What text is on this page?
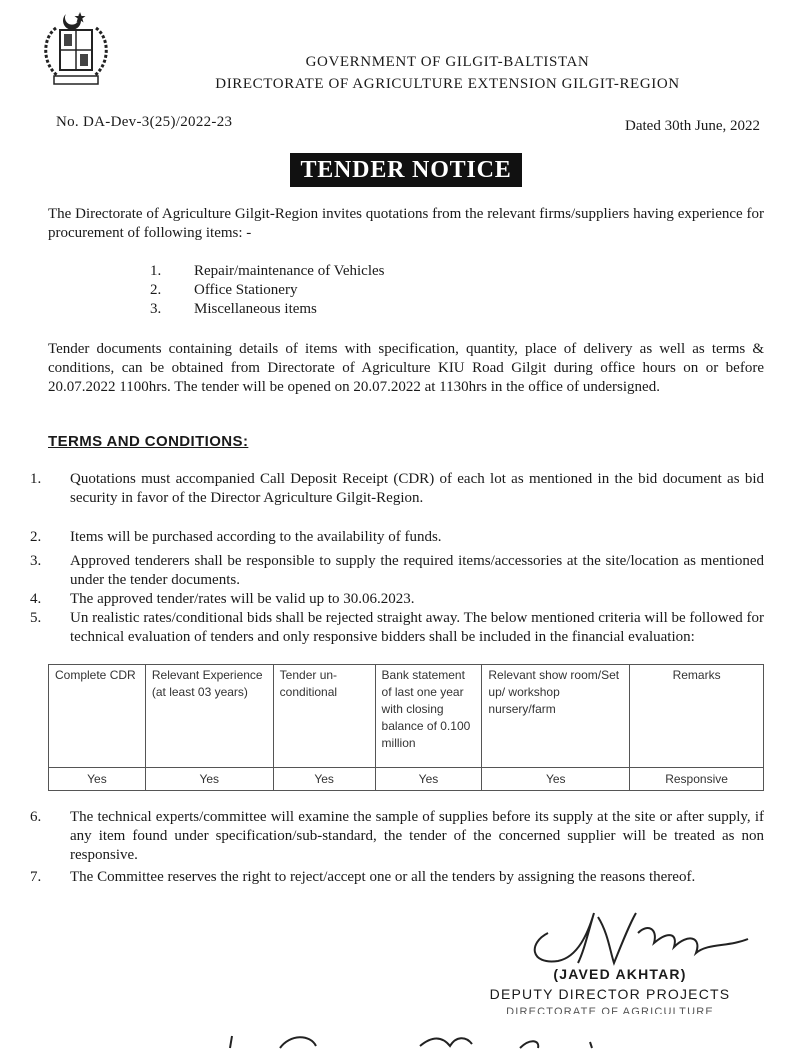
GOVERNMENT OF GILGIT-BALTISTAN
DIRECTORATE OF AGRICULTURE EXTENSION GILGIT-REGION
No. DA-Dev-3(25)/2022-23	Dated 30th June, 2022
TENDER NOTICE
The Directorate of Agriculture Gilgit-Region invites quotations from the relevant firms/suppliers having experience for procurement of following items: -
1.	Repair/maintenance of Vehicles
2.	Office Stationery
3.	Miscellaneous items
Tender documents containing details of items with specification, quantity, place of delivery as well as terms & conditions, can be obtained from Directorate of Agriculture KIU Road Gilgit during office hours on or before 20.07.2022 1100hrs. The tender will be opened on 20.07.2022 at 1130hrs in the office of undersigned.
TERMS AND CONDITIONS:
1.	Quotations must accompanied Call Deposit Receipt (CDR) of each lot as mentioned in the bid document as bid security in favor of the Director Agriculture Gilgit-Region.
2.	Items will be purchased according to the availability of funds.
3.	Approved tenderers shall be responsible to supply the required items/accessories at the site/location as mentioned under the tender documents.
4.	The approved tender/rates will be valid up to 30.06.2023.
5.	Un realistic rates/conditional bids shall be rejected straight away. The below mentioned criteria will be followed for technical evaluation of tenders and only responsive bidders shall be included in the financial evaluation:
Complete CDR	Relevant Experience (at least 03 years)	Tender un-conditional	Bank statement of last one year with closing balance of 0.100 million	Relevant show room/Set up/ workshop nursery/farm	Remarks
Yes	Yes	Yes	Yes	Yes	Responsive
6.	The technical experts/committee will examine the sample of supplies before its supply at the site or after supply, if any item found under specification/sub-standard, the tender of the concerned supplier will be treated as non responsive.
7.	The Committee reserves the right to reject/accept one or all the tenders by assigning the reasons thereof.
(JAVED AKHTAR)
DEPUTY DIRECTOR PROJECTS
DIRECTORATE OF AGRICULTURE
